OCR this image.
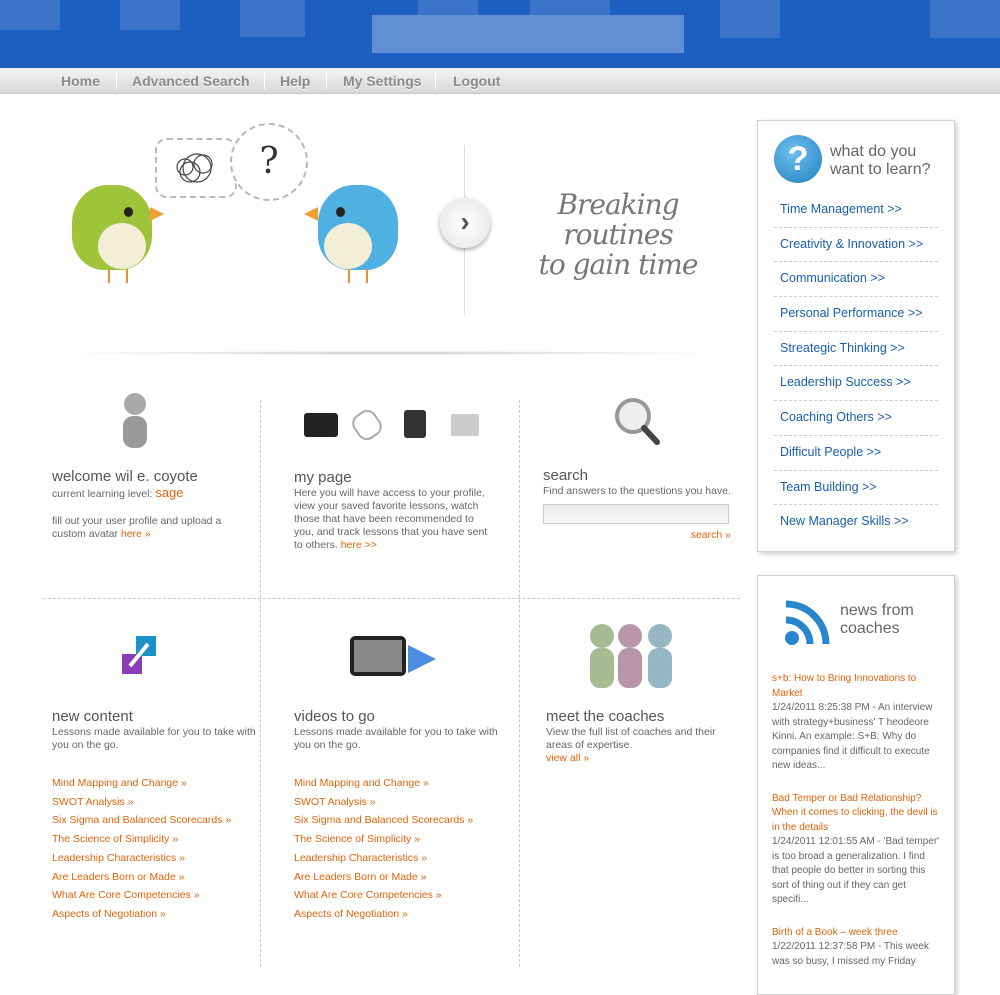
Home Advanced Search Help My Settings Logout
?
›
Breaking routines
to gain time
welcome wil e. coyote

current learning level: sage

fill out your user profile and upload a custom avatar here »

my page

Here you will have access to your profile, view your saved favorite lessons, watch those that have been recommended to you, and track lessons that you have sent to others. here >>

search

Find answers to the questions you have.

search »
new content

Lessons made available for you to take with you on the go.

Mind Mapping and Change »
SWOT Analysis »
Six Sigma and Balanced Scorecards »
The Science of Simplicity »
Leadership Characteristics »
Are Leaders Born or Made »
What Are Core Competencies »
Aspects of Negotiation »
videos to go

Lessons made available for you to take with you on the go.

Mind Mapping and Change »
SWOT Analysis »
Six Sigma and Balanced Scorecards »
The Science of Simplicity »
Leadership Characteristics »
Are Leaders Born or Made »
What Are Core Competencies »
Aspects of Negotiation »
meet the coaches

View the full list of coaches and their areas of expertise.

view all »

?	what do you
want to learn?
Time Management >>
Creativity & Innovation >>
Communication >>
Personal Performance >>
Streategic Thinking >>
Leadership Success >>
Coaching Others >>
Difficult People >>
Team Building >>
New Manager Skills >>
news from
coaches
s+b: How to Bring Innovations to Market
1/24/2011 8:25:38 PM - An interview with strategy+business' T heodeore Kinni. An example: S+B: Why do companies find it difficult to execute new ideas...
Bad Temper or Bad Relationship? When it comes to clicking, the devil is in the details
1/24/2011 12:01:55 AM - 'Bad temper' is too broad a generalization. I find that people do better in sorting this sort of thing out if they can get specifi...
Birth of a Book – week three
1/22/2011 12:37:58 PM - This week was so busy, I missed my Friday
